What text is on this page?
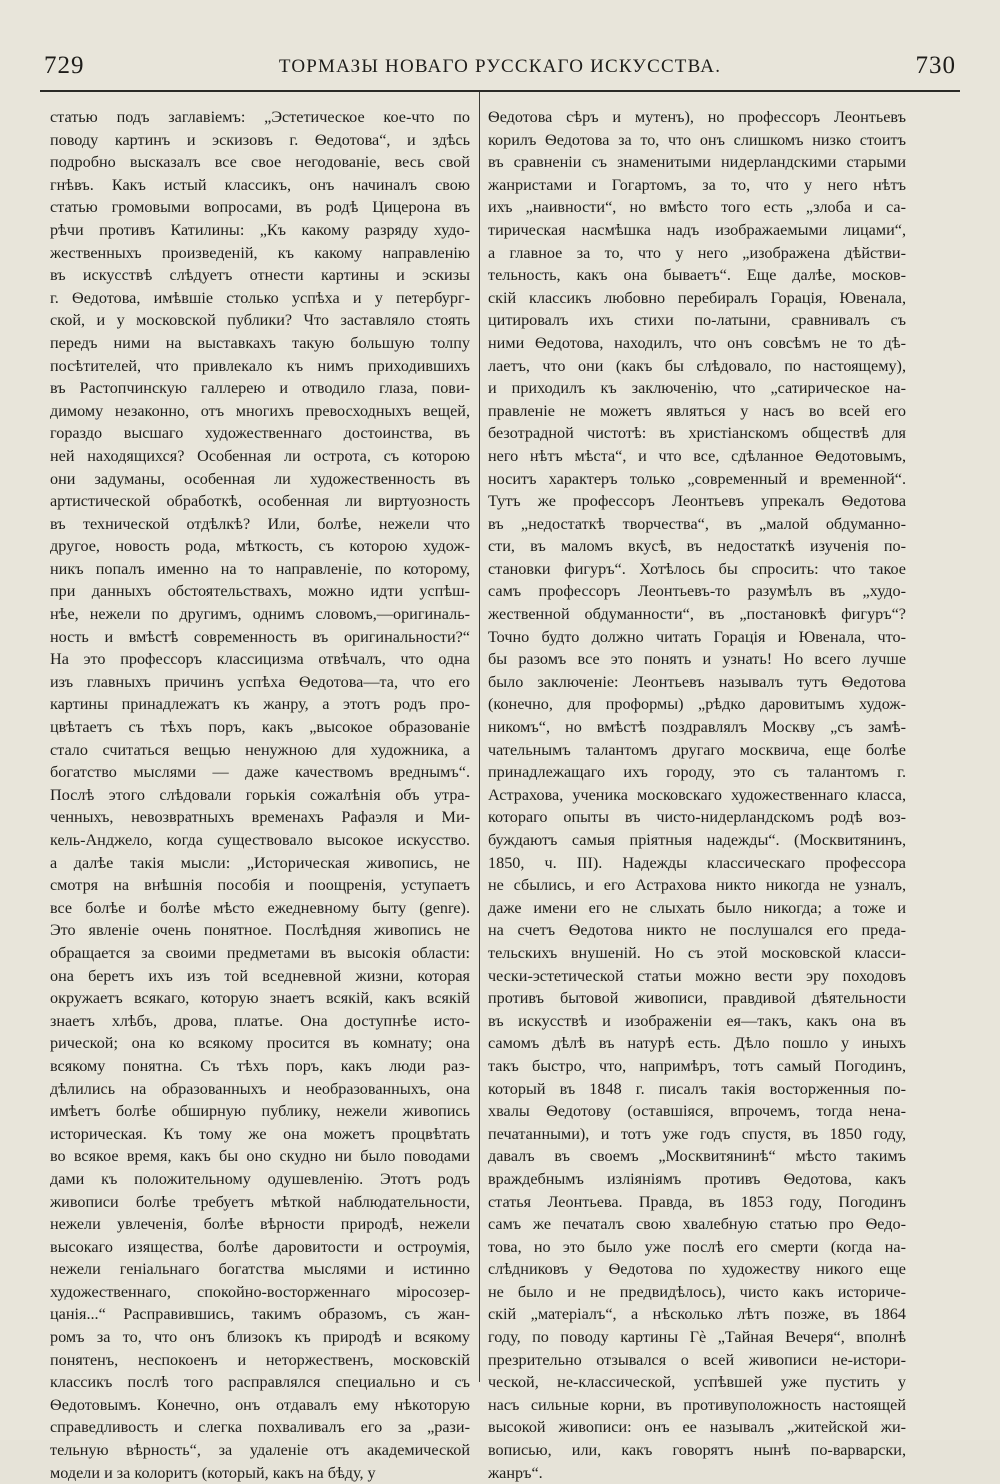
729	ТОРМАЗЫ НОВАГО РУССКАГО ИСКУССТВА.	730
статью подъ заглавіемъ: „Эстетическое кое-что по
поводу картинъ и эскизовъ г. Ѳедотова“, и здѣсь
подробно высказалъ все свое негодованіе, весь свой
гнѣвъ. Какъ истый классикъ, онъ начиналъ свою
статью громовыми вопросами, въ родѣ Цицерона въ
рѣчи противъ Катилины: „Къ какому разряду худо-
жественныхъ произведеній, къ какому направленію
въ искусствѣ слѣдуетъ отнести картины и эскизы
г. Ѳедотова, имѣвшіе столько успѣха и у петербург-
ской, и у московской публики? Что заставляло стоять
передъ ними на выставкахъ такую большую толпу
посѣтителей, что привлекало къ нимъ приходившихъ
въ Растопчинскую галлерею и отводило глаза, пови-
димому незаконно, отъ многихъ превосходныхъ вещей,
гораздо высшаго художественнаго достоинства, въ
ней находящихся? Особенная ли острота, съ которою
они задуманы, особенная ли художественность въ
артистической обработкѣ, особенная ли виртуозность
въ технической отдѣлкѣ? Или, болѣе, нежели что
другое, новость рода, мѣткость, съ которою худож-
никъ попалъ именно на то направленіе, по которому,
при данныхъ обстоятельствахъ, можно идти успѣш-
нѣе, нежели по другимъ, однимъ словомъ,—оригиналь-
ность и вмѣстѣ современность въ оригинальности?“
На это профессоръ классицизма отвѣчалъ, что одна
изъ главныхъ причинъ успѣха Ѳедотова—та, что его
картины принадлежатъ къ жанру, а этотъ родъ про-
цвѣтаетъ съ тѣхъ поръ, какъ „высокое образованіе
стало считаться вещью ненужною для художника, а
богатство мыслями — даже качествомъ вреднымъ“.
Послѣ этого слѣдовали горькія сожалѣнія объ утра-
ченныхъ, невозвратныхъ временахъ Рафаэля и Ми-
кель-Анджело, когда существовало высокое искусство.
а далѣе такія мысли: „Историческая живопись, не
смотря на внѣшнія пособія и поощренія, уступаетъ
все болѣе и болѣе мѣсто ежедневному быту (genre).
Это явленіе очень понятное. Послѣдняя живопись не
обращается за своими предметами въ высокія области:
она беретъ ихъ изъ той вседневной жизни, которая
окружаетъ всякаго, которую знаетъ всякій, какъ всякій
знаетъ хлѣбъ, дрова, платье. Она доступнѣе исто-
рической; она ко всякому просится въ комнату; она
всякому понятна. Съ тѣхъ поръ, какъ люди раз-
дѣлились на образованныхъ и необразованныхъ, она
имѣетъ болѣе обширную публику, нежели живопись
историческая. Къ тому же она можетъ процвѣтать
во всякое время, какъ бы оно скудно ни было поводами
дами къ положительному одушевленію. Этотъ родъ
живописи болѣе требуетъ мѣткой наблюдательности,
нежели увлеченія, болѣе вѣрности природѣ, нежели
высокаго изящества, болѣе даровитости и остроумія,
нежели геніальнаго богатства мыслями и истинно
художественнаго, спокойно-восторженнаго міросозер-
цанія...“ Расправившись, такимъ образомъ, съ жан-
ромъ за то, что онъ близокъ къ природѣ и всякому
понятенъ, неспокоенъ и неторжественъ, московскій
классикъ послѣ того расправлялся специально и съ
Ѳедотовымъ. Конечно, онъ отдавалъ ему нѣкоторую
справедливость и слегка похваливалъ его за „рази-
тельную вѣрность“, за удаленіе отъ академической
модели и за колоритъ (который, какъ на бѣду, у
Ѳедотова сѣръ и мутенъ), но профессоръ Леонтьевъ
корилъ Ѳедотова за то, что онъ слишкомъ низко стоитъ
въ сравненіи съ знаменитыми нидерландскими старыми
жанристами и Гогартомъ, за то, что у него нѣтъ
ихъ „наивности“, но вмѣсто того есть „злоба и са-
тирическая насмѣшка надъ изображаемыми лицами“,
а главное за то, что у него „изображена дѣйстви-
тельность, какъ она бываетъ“. Еще далѣе, москов-
скій классикъ любовно перебиралъ Горація, Ювенала,
цитировалъ ихъ стихи по-латыни, сравнивалъ съ
ними Ѳедотова, находилъ, что онъ совсѣмъ не то дѣ-
лаетъ, что они (какъ бы слѣдовало, по настоящему),
и приходилъ къ заключенію, что „сатирическое на-
правленіе не можетъ являться у насъ во всей его
безотрадной чистотѣ: въ христіанскомъ обществѣ для
него нѣтъ мѣста“, и что все, сдѣланное Ѳедотовымъ,
носитъ характеръ только „современный и временной“.
Тутъ же профессоръ Леонтьевъ упрекалъ Ѳедотова
въ „недостаткѣ творчества“, въ „малой обдуманно-
сти, въ маломъ вкусѣ, въ недостаткѣ изученія по-
становки фигуръ“. Хотѣлось бы спросить: что такое
самъ профессоръ Леонтьевъ-то разумѣлъ въ „худо-
жественной обдуманности“, въ „постановкѣ фигуръ“?
Точно будто должно читать Горація и Ювенала, что-
бы разомъ все это понять и узнать! Но всего лучше
было заключеніе: Леонтьевъ называлъ тутъ Ѳедотова
(конечно, для проформы) „рѣдко даровитымъ худож-
никомъ“, но вмѣстѣ поздравлялъ Москву „съ замѣ-
чательнымъ талантомъ другаго москвича, еще болѣе
принадлежащаго ихъ городу, это съ талантомъ г.
Астрахова, ученика московскаго художественнаго класса,
котораго опыты въ чисто-нидерландскомъ родѣ воз-
буждаютъ самыя пріятныя надежды“. (Москвитянинъ,
1850, ч. III). Надежды классическаго профессора
не сбылись, и его Астрахова никто никогда не узналъ,
даже имени его не слыхать было никогда; а тоже и
на счетъ Ѳедотова никто не послушался его преда-
тельскихъ внушеній. Но съ этой московской класси-
чески-эстетической статьи можно вести эру походовъ
противъ бытовой живописи, правдивой дѣятельности
въ искусствѣ и изображеніи ея—такъ, какъ она въ
самомъ дѣлѣ въ натурѣ есть. Дѣло пошло у иныхъ
такъ быстро, что, напримѣръ, тотъ самый Погодинъ,
который въ 1848 г. писалъ такія восторженныя по-
хвалы Ѳедотову (оставшіяся, впрочемъ, тогда нена-
печатанными), и тотъ уже годъ спустя, въ 1850 году,
давалъ въ своемъ „Москвитянинѣ“ мѣсто такимъ
враждебнымъ изліяніямъ противъ Ѳедотова, какъ
статья Леонтьева. Правда, въ 1853 году, Погодинъ
самъ же печаталъ свою хвалебную статью про Ѳедо-
това, но это было уже послѣ его смерти (когда на-
слѣдниковъ у Ѳедотова по художеству никого еще
не было и не предвидѣлось), чисто какъ историче-
скій „матеріалъ“, а нѣсколько лѣтъ позже, въ 1864
году, по поводу картины Гè „Тайная Вечеря“, вполнѣ
презрительно отзывался о всей живописи не-истори-
ческой, не-классической, успѣвшей уже пустить у
насъ сильные корни, въ противуположность настоящей
высокой живописи: онъ ее называлъ „житейской жи-
вописью, или, какъ говорятъ нынѣ по-варварски,
жанръ“.
